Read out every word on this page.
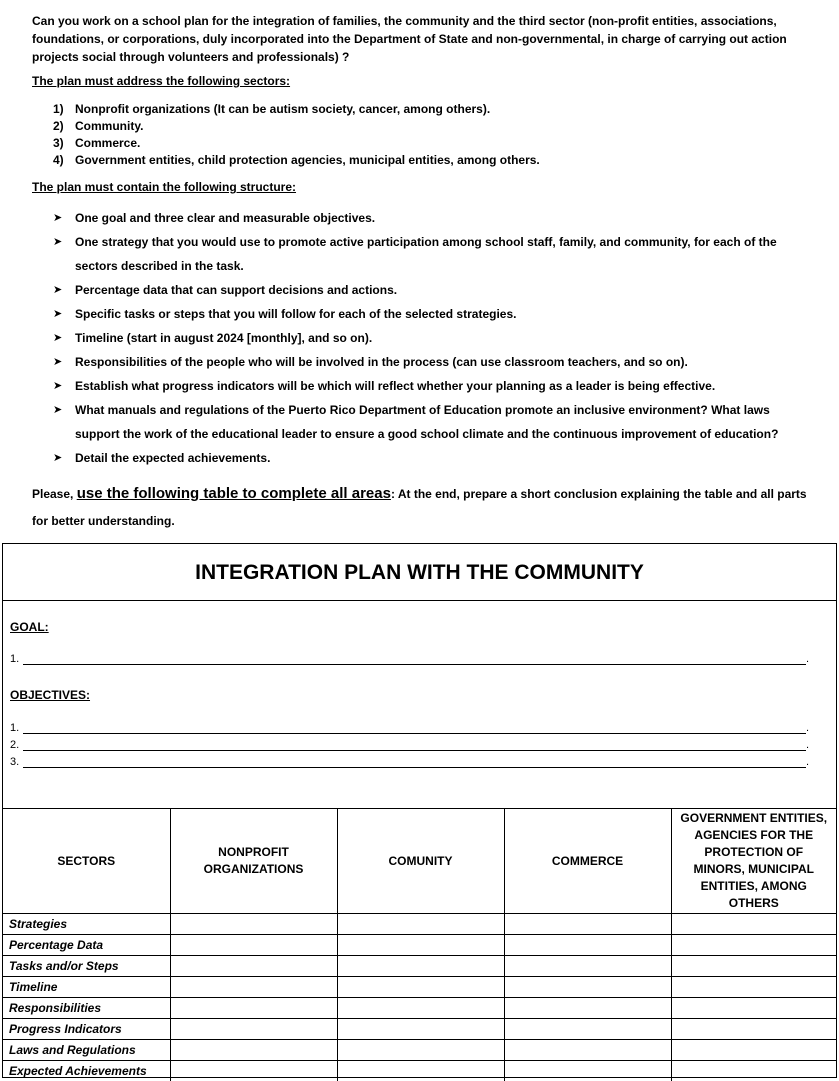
Can you work on a school plan for the integration of families, the community and the third sector (non-profit entities, associations, foundations, or corporations, duly incorporated into the Department of State and non-governmental, in charge of carrying out action projects social through volunteers and professionals) ?

The plan must address the following sectors:
1) Nonprofit organizations (It can be autism society, cancer, among others).
2) Community.
3) Commerce.
4) Government entities, child protection agencies, municipal entities, among others.
The plan must contain the following structure:
➤	One goal and three clear and measurable objectives.
➤	One strategy that you would use to promote active participation among school staff, family, and community, for each of the sectors described in the task.
➤	Percentage data that can support decisions and actions.
➤	Specific tasks or steps that you will follow for each of the selected strategies.
➤	Timeline (start in august 2024 [monthly], and so on).
➤	Responsibilities of the people who will be involved in the process (can use classroom teachers, and so on).
➤	Establish what progress indicators will be which will reflect whether your planning as a leader is being effective.
➤	What manuals and regulations of the Puerto Rico Department of Education promote an inclusive environment? What laws support the work of the educational leader to ensure a good school climate and the continuous improvement of education?
➤	Detail the expected achievements.
Please, use the following table to complete all areas: At the end, prepare a short conclusion explaining the table and all parts for better understanding.
INTEGRATION PLAN WITH THE COMMUNITY
GOAL:
1.	.
OBJECTIVES:
1.	.
2.	.
3.	.
SECTORS	NONPROFIT ORGANIZATIONS	COMUNITY	COMMERCE	GOVERNMENT ENTITIES, AGENCIES FOR THE PROTECTION OF MINORS, MUNICIPAL ENTITIES, AMONG OTHERS

Strategies				
Percentage Data				
Tasks and/or Steps				
Timeline				
Responsibilities				
Progress Indicators				
Laws and Regulations				
Expected Achievements				
